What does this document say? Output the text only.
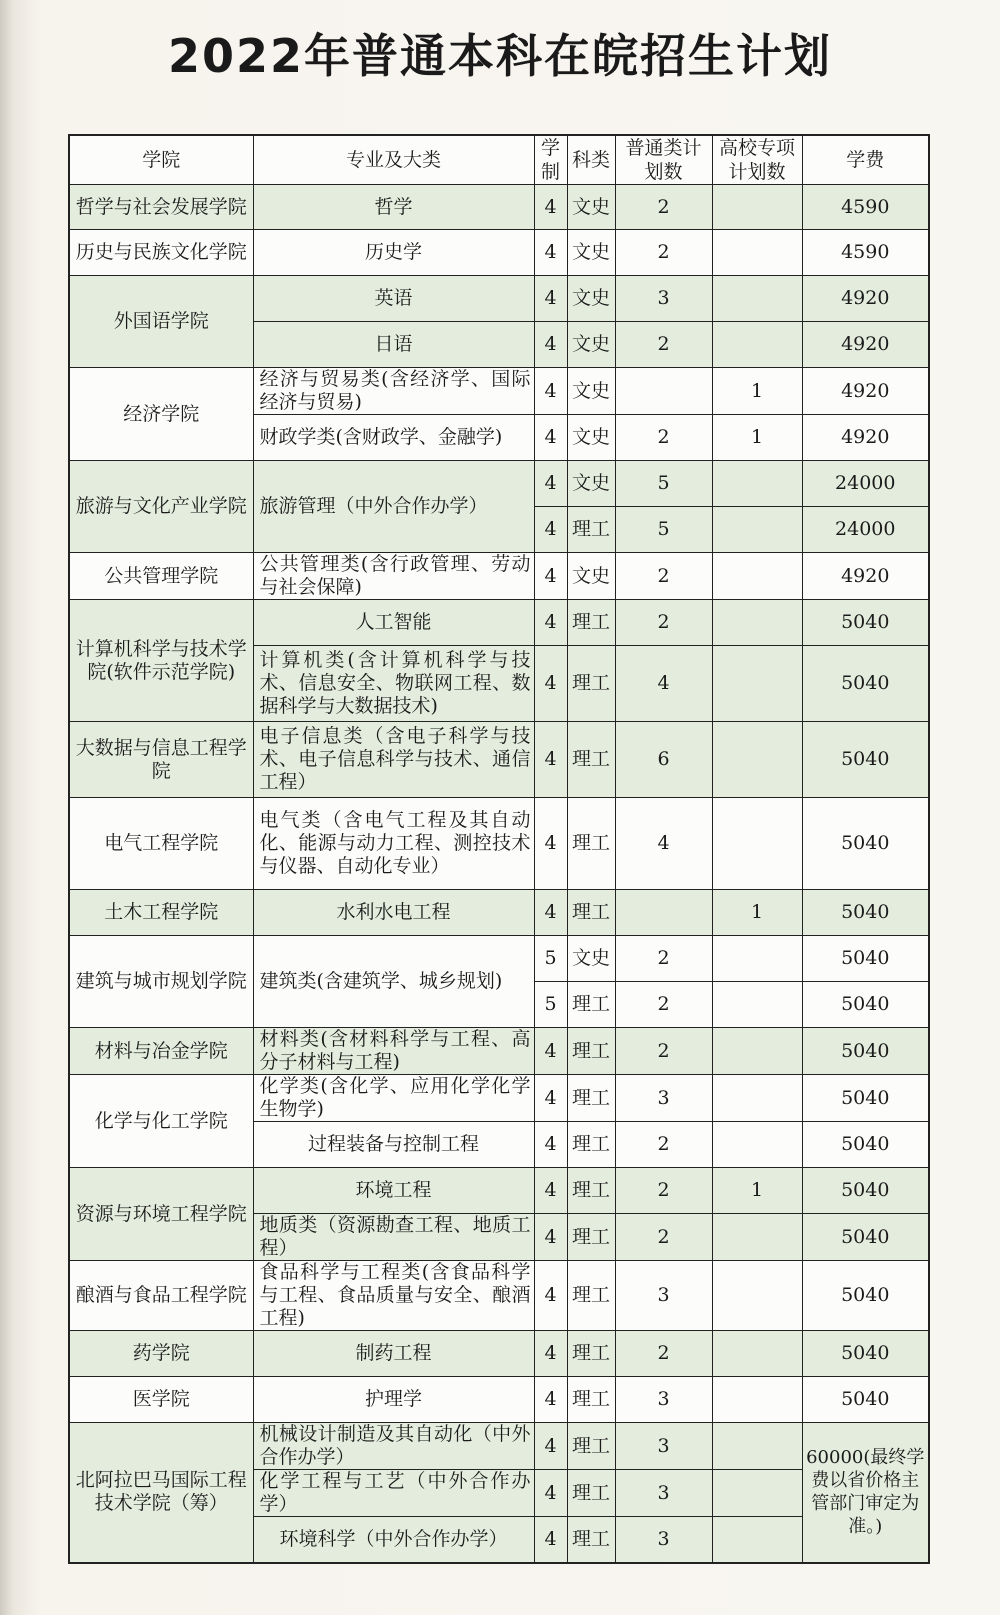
2022年普通本科在皖招生计划
学院	专业及大类	学制	科类	普通类计划数	高校专项计划数	学费
哲学与社会发展学院	哲学	4	文史	2		4590
历史与民族文化学院	历史学	4	文史	2		4590
外国语学院	英语	4	文史	3		4920
	日语	4	文史	2		4920
经济学院	经济与贸易类(含经济学、国际经济与贸易)	4	文史		1	4920
	财政学类(含财政学、金融学)	4	文史	2	1	4920
旅游与文化产业学院	旅游管理（中外合作办学）	4	文史	5		24000
		4	理工	5		24000
公共管理学院	公共管理类(含行政管理、劳动与社会保障)	4	文史	2		4920
计算机科学与技术学院(软件示范学院)	人工智能	4	理工	2		5040
	计算机类(含计算机科学与技术、信息安全、物联网工程、数据科学与大数据技术)	4	理工	4		5040
大数据与信息工程学院	电子信息类（含电子科学与技术、电子信息科学与技术、通信工程）	4	理工	6		5040
电气工程学院	电气类（含电气工程及其自动化、能源与动力工程、测控技术与仪器、自动化专业）	4	理工	4		5040
土木工程学院	水利水电工程	4	理工		1	5040
建筑与城市规划学院	建筑类(含建筑学、城乡规划)	5	文史	2		5040
		5	理工	2		5040
材料与冶金学院	材料类(含材料科学与工程、高分子材料与工程)	4	理工	2		5040
化学与化工学院	化学类(含化学、应用化学化学生物学)	4	理工	3		5040
	过程装备与控制工程	4	理工	2		5040
资源与环境工程学院	环境工程	4	理工	2	1	5040
	地质类（资源勘查工程、地质工程）	4	理工	2		5040
酿酒与食品工程学院	食品科学与工程类(含食品科学与工程、食品质量与安全、酿酒工程)	4	理工	3		5040
药学院	制药工程	4	理工	2		5040
医学院	护理学	4	理工	3		5040
北阿拉巴马国际工程技术学院（筹）	机械设计制造及其自动化（中外合作办学）	4	理工	3		60000(最终学费以省价格主管部门审定为准。)
	化学工程与工艺（中外合作办学）	4	理工	3		
	环境科学（中外合作办学）	4	理工	3		
